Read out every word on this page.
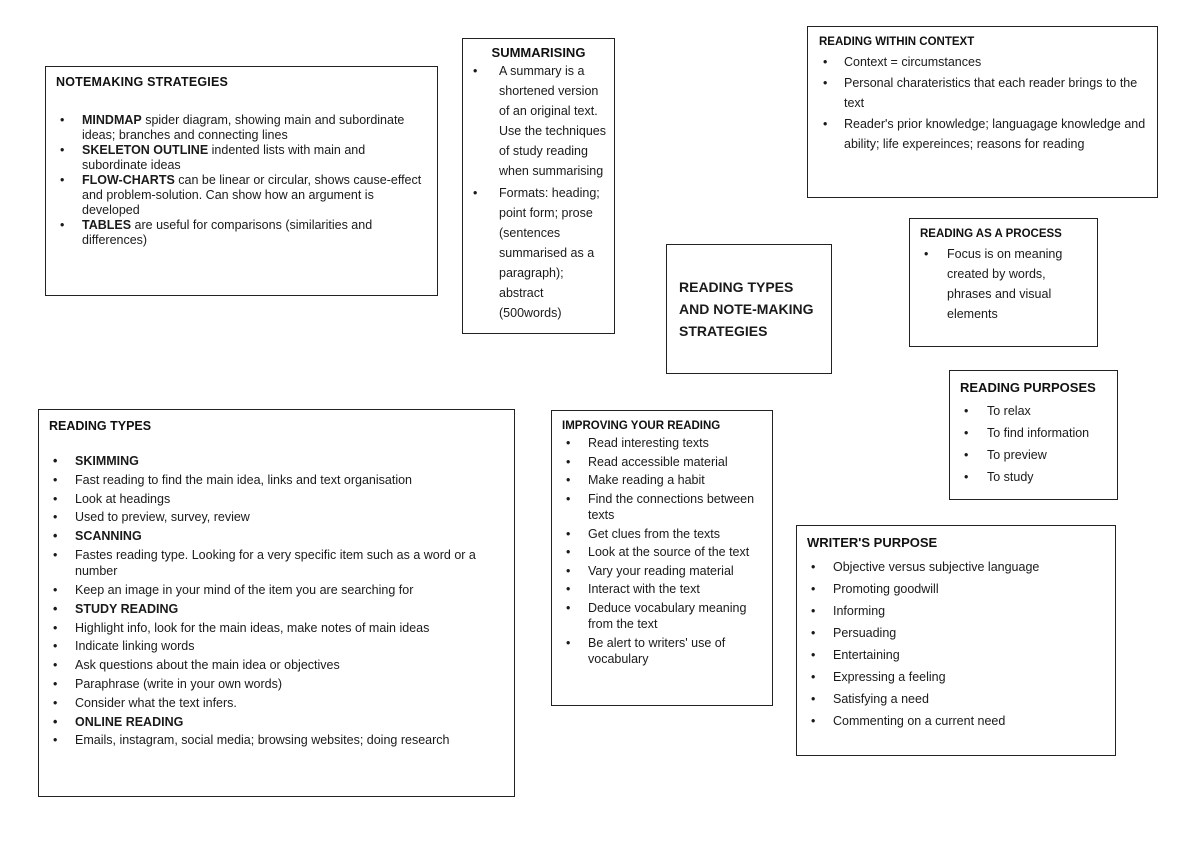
NOTEMAKING STRATEGIES
• MINDMAP spider diagram, showing main and subordinate ideas; branches and connecting lines
• SKELETON OUTLINE indented lists with main and subordinate ideas
• FLOW-CHARTS can be linear or circular, shows cause-effect and problem-solution. Can show how an argument is developed
• TABLES are useful for comparisons (similarities and differences)
SUMMARISING
• A summary is a shortened version of an original text. Use the techniques of study reading when summarising
• Formats: heading; point form; prose (sentences summarised as a paragraph); abstract (500words)
READING WITHIN CONTEXT
• Context = circumstances
• Personal charateristics that each reader brings to the text
• Reader's prior knowledge; languagage knowledge and ability; life expereinces; reasons for reading
READING TYPES
AND NOTE-MAKING
STRATEGIES
READING AS A PROCESS
• Focus is on meaning created by words, phrases and visual elements
READING PURPOSES
• To relax
• To find information
• To preview
• To study
READING TYPES
• SKIMMING
• Fast reading to find the main idea, links and text organisation
• Look at headings
• Used to preview, survey, review
• SCANNING
• Fastes reading type. Looking for a very specific item such as a word or a number
• Keep an image in your mind of the item you are searching for
• STUDY READING
• Highlight info, look for the main ideas, make notes of main ideas
• Indicate linking words
• Ask questions about the main idea or objectives
• Paraphrase (write in your own words)
• Consider what the text infers.
• ONLINE READING
• Emails, instagram, social media; browsing websites; doing research
IMPROVING YOUR READING
• Read interesting texts
• Read accessible material
• Make reading a habit
• Find the connections between texts
• Get clues from the texts
• Look at the source of the text
• Vary your reading material
• Interact with the text
• Deduce vocabulary meaning from the text
• Be alert to writers' use of vocabulary
WRITER'S PURPOSE
• Objective versus subjective language
• Promoting goodwill
• Informing
• Persuading
• Entertaining
• Expressing a feeling
• Satisfying a need
• Commenting on a current need
